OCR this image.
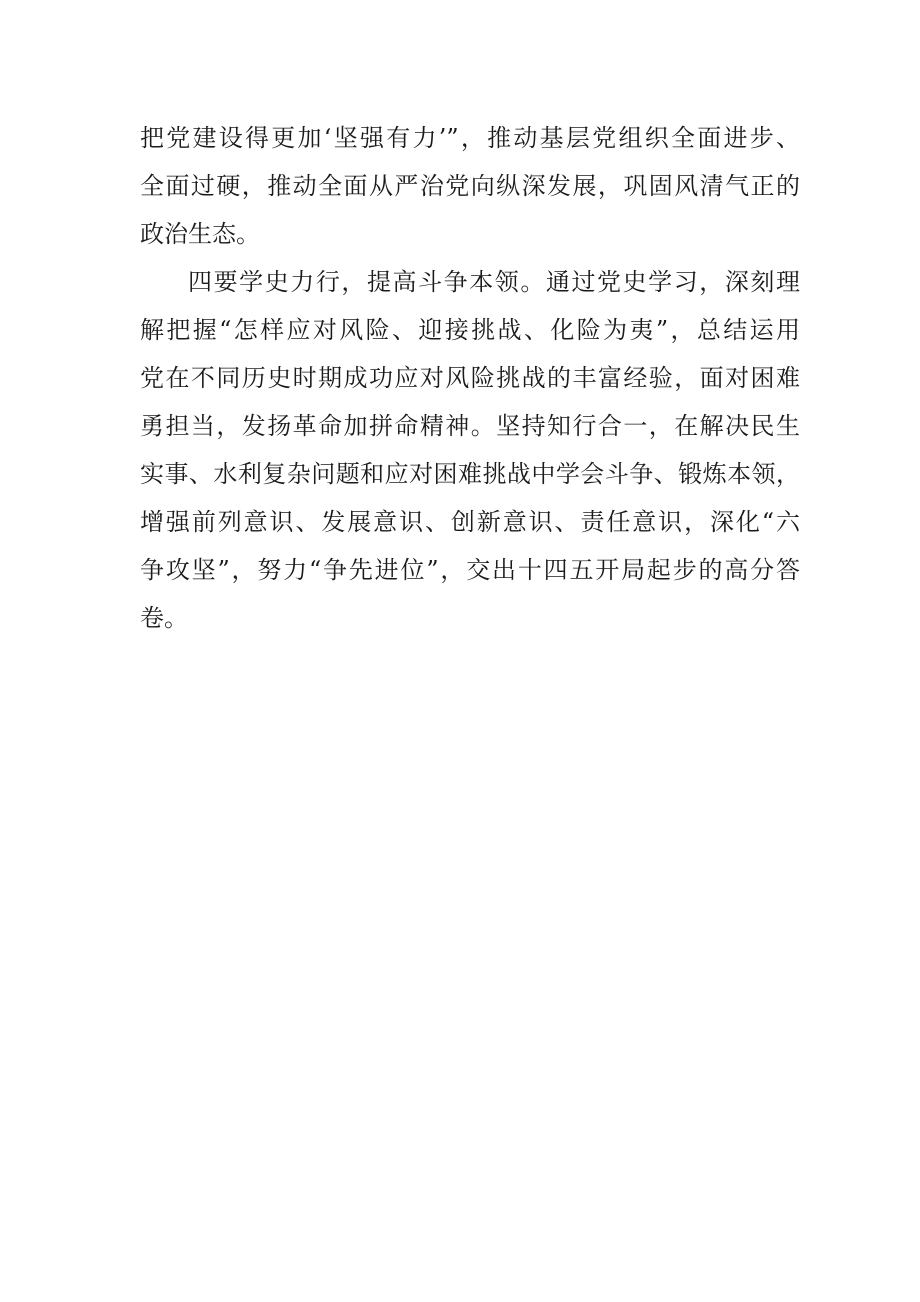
把党建设得更加‘坚强有力’”，推动基层党组织全面进步、
全面过硬，推动全面从严治党向纵深发展，巩固风清气正的
政治生态。
四要学史力行，提高斗争本领。通过党史学习，深刻理
解把握“怎样应对风险、迎接挑战、化险为夷”，总结运用
党在不同历史时期成功应对风险挑战的丰富经验，面对困难
勇担当，发扬革命加拼命精神。坚持知行合一，在解决民生
实事、水利复杂问题和应对困难挑战中学会斗争、锻炼本领，
增强前列意识、发展意识、创新意识、责任意识，深化“六
争攻坚”，努力“争先进位”，交出十四五开局起步的高分答
卷。
